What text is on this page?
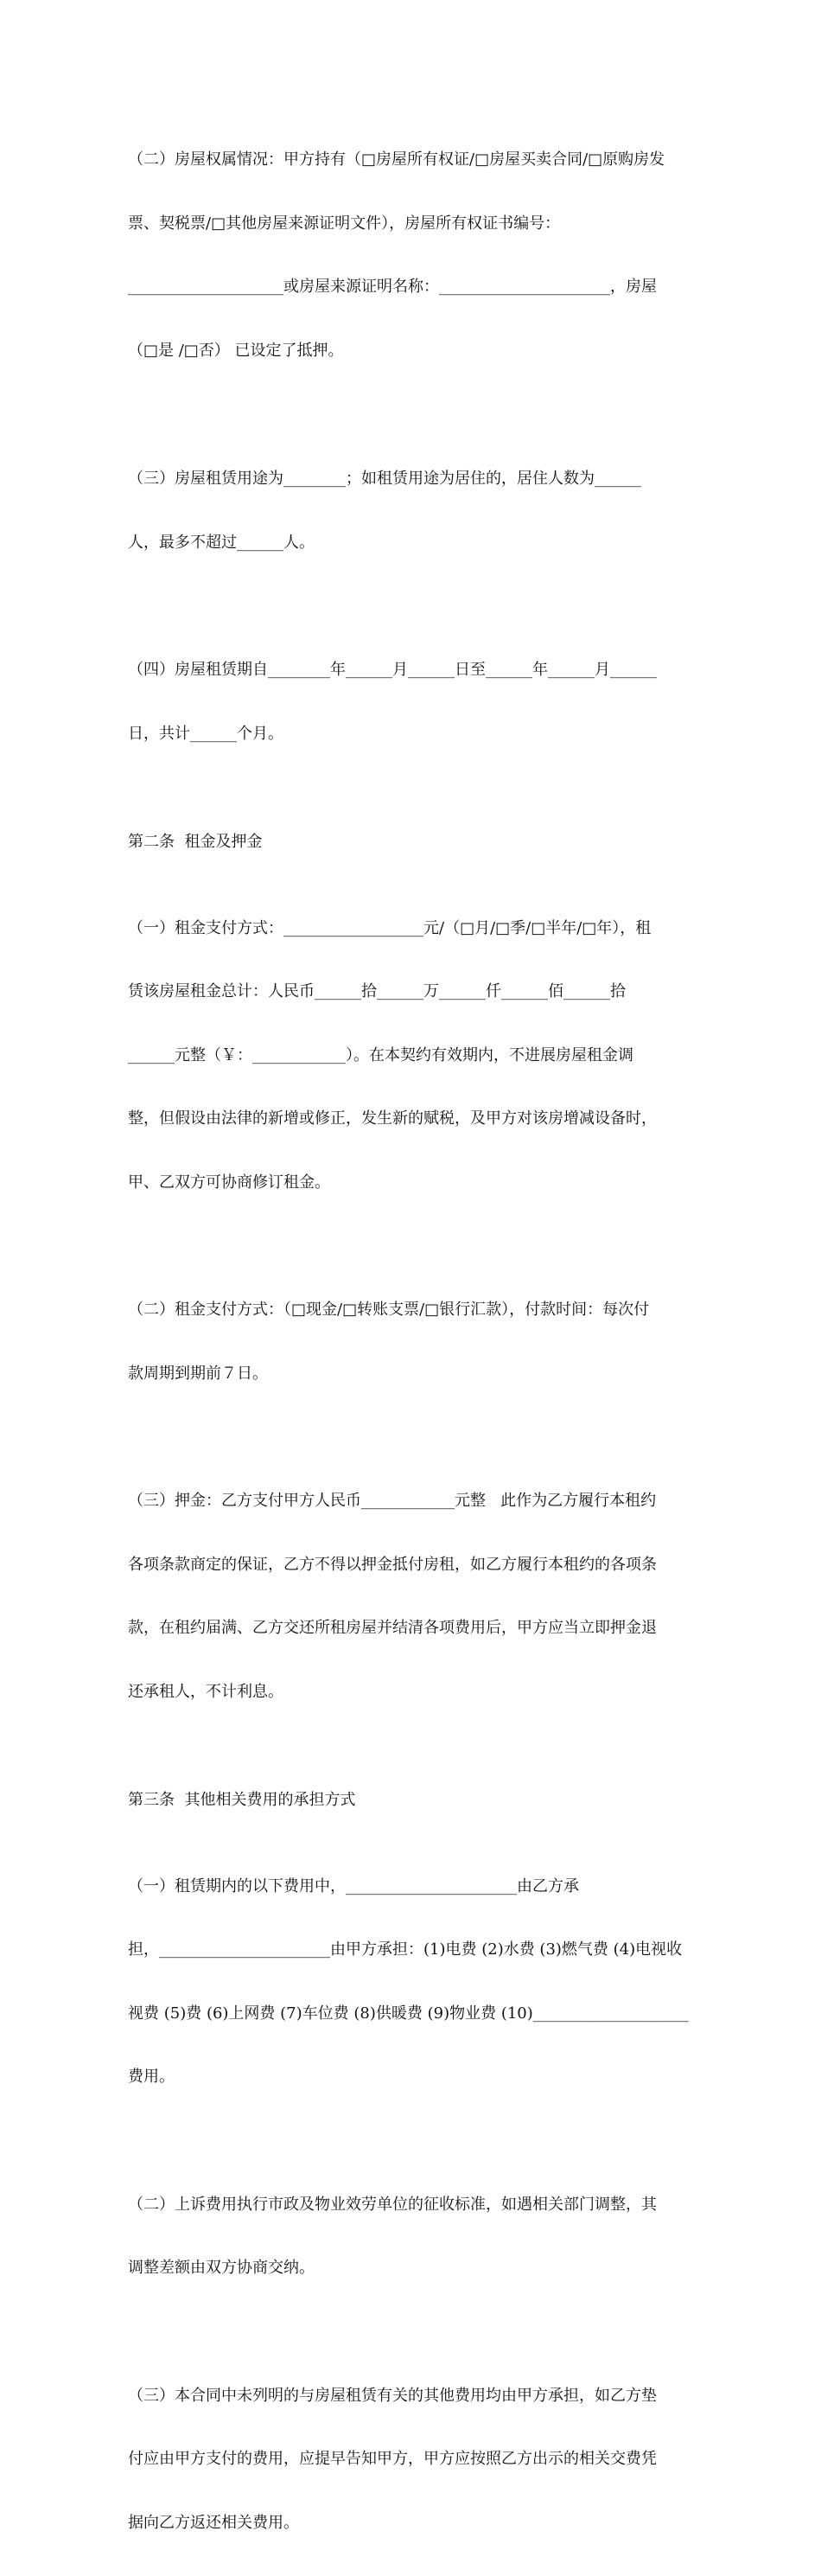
（二）房屋权属情况：甲方持有（□房屋所有权证/□房屋买卖合同/□原购房发

票、契税票/□其他房屋来源证明文件），房屋所有权证书编号：

____________________或房屋来源证明名称：______________________，房屋

（□是 /□否） 已设定了抵押。

（三）房屋租赁用途为________；如租赁用途为居住的，居住人数为______

人，最多不超过______人。

（四）房屋租赁期自________年______月______日至______年______月______

日，共计______个月。

第二条  租金及押金

（一）租金支付方式：__________________元/（□月/□季/□半年/□年），租

赁该房屋租金总计：人民币______拾______万______仟______佰______拾

______元整（￥：____________）。在本契约有效期内，不进展房屋租金调

整，但假设由法律的新增或修正，发生新的赋税，及甲方对该房增减设备时，

甲、乙双方可协商修订租金。

（二）租金支付方式：（□现金/□转账支票/□银行汇款），付款时间：每次付

款周期到期前７日。

（三）押金：乙方支付甲方人民币____________元整   此作为乙方履行本租约

各项条款商定的保证，乙方不得以押金抵付房租，如乙方履行本租约的各项条

款，在租约届满、乙方交还所租房屋并结清各项费用后，甲方应当立即押金退

还承租人，不计利息。

第三条  其他相关费用的承担方式

（一）租赁期内的以下费用中，______________________由乙方承

担，______________________由甲方承担：(1)电费 (2)水费 (3)燃气费 (4)电视收

视费 (5)费 (6)上网费 (7)车位费 (8)供暖费 (9)物业费 (10)____________________

费用。

（二）上诉费用执行市政及物业效劳单位的征收标准，如遇相关部门调整，其

调整差额由双方协商交纳。

（三）本合同中未列明的与房屋租赁有关的其他费用均由甲方承担，如乙方垫

付应由甲方支付的费用，应提早告知甲方，甲方应按照乙方出示的相关交费凭

据向乙方返还相关费用。
